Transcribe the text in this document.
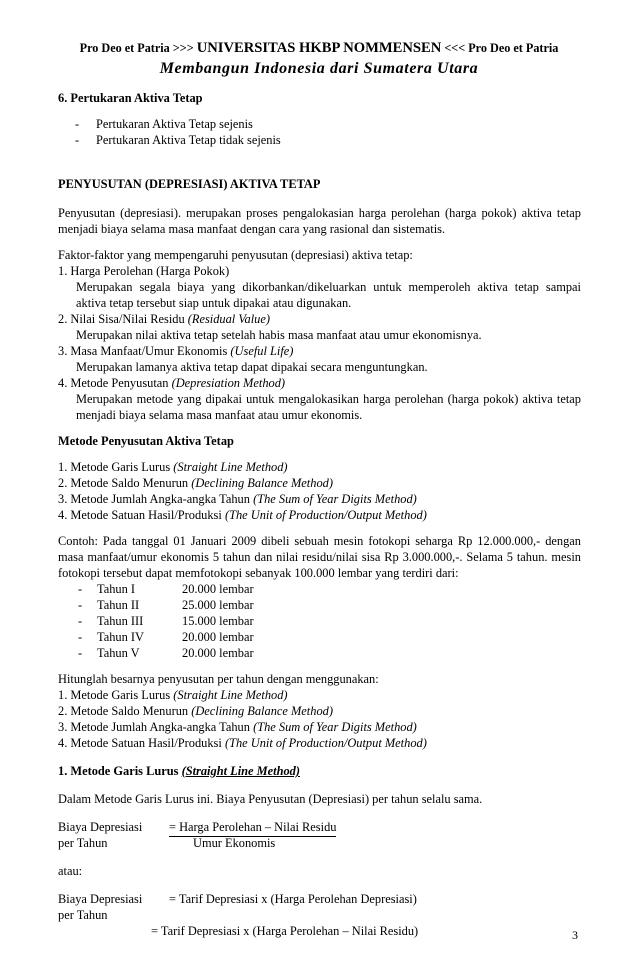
Pro Deo et Patria >>> UNIVERSITAS HKBP NOMMENSEN <<< Pro Deo et Patria
Membangun Indonesia dari Sumatera Utara
6. Pertukaran Aktiva Tetap
- Pertukaran Aktiva Tetap sejenis
- Pertukaran Aktiva Tetap tidak sejenis
PENYUSUTAN (DEPRESIASI) AKTIVA TETAP
Penyusutan (depresiasi). merupakan proses pengalokasian harga perolehan (harga pokok) aktiva tetap
menjadi biaya selama masa manfaat dengan cara yang rasional dan sistematis.
Faktor-faktor yang mempengaruhi penyusutan (depresiasi) aktiva tetap:
1. Harga Perolehan (Harga Pokok)
Merupakan segala biaya yang dikorbankan/dikeluarkan untuk memperoleh aktiva tetap sampai
aktiva tetap tersebut siap untuk dipakai atau digunakan.
2. Nilai Sisa/Nilai Residu (Residual Value)
Merupakan nilai aktiva tetap setelah habis masa manfaat atau umur ekonomisnya.
3. Masa Manfaat/Umur Ekonomis (Useful Life)
Merupakan lamanya aktiva tetap dapat dipakai secara menguntungkan.
4. Metode Penyusutan (Depresiation Method)
Merupakan metode yang dipakai untuk mengalokasikan harga perolehan (harga pokok) aktiva tetap
menjadi biaya selama masa manfaat atau umur ekonomis.
Metode Penyusutan Aktiva Tetap
1. Metode Garis Lurus (Straight Line Method)
2. Metode Saldo Menurun (Declining Balance Method)
3. Metode Jumlah Angka-angka Tahun (The Sum of Year Digits Method)
4. Metode Satuan Hasil/Produksi (The Unit of Production/Output Method)
Contoh: Pada tanggal 01 Januari 2009 dibeli sebuah mesin fotokopi seharga Rp 12.000.000,- dengan
masa manfaat/umur ekonomis 5 tahun dan nilai residu/nilai sisa Rp 3.000.000,-. Selama 5 tahun. mesin
fotokopi tersebut dapat memfotokopi sebanyak 100.000 lembar yang terdiri dari:
- Tahun I	20.000 lembar
- Tahun II	25.000 lembar
- Tahun III	15.000 lembar
- Tahun IV	20.000 lembar
- Tahun V	20.000 lembar
Hitunglah besarnya penyusutan per tahun dengan menggunakan:
1. Metode Garis Lurus (Straight Line Method)
2. Metode Saldo Menurun (Declining Balance Method)
3. Metode Jumlah Angka-angka Tahun (The Sum of Year Digits Method)
4. Metode Satuan Hasil/Produksi (The Unit of Production/Output Method)
1. Metode Garis Lurus (Straight Line Method)
Dalam Metode Garis Lurus ini. Biaya Penyusutan (Depresiasi) per tahun selalu sama.
Biaya Depresiasi = Harga Perolehan – Nilai Residu
per Tahun	Umur Ekonomis
atau:
Biaya Depresiasi = Tarif Depresiasi x (Harga Perolehan Depresiasi)
per Tahun
= Tarif Depresiasi x (Harga Perolehan – Nilai Residu)	3
